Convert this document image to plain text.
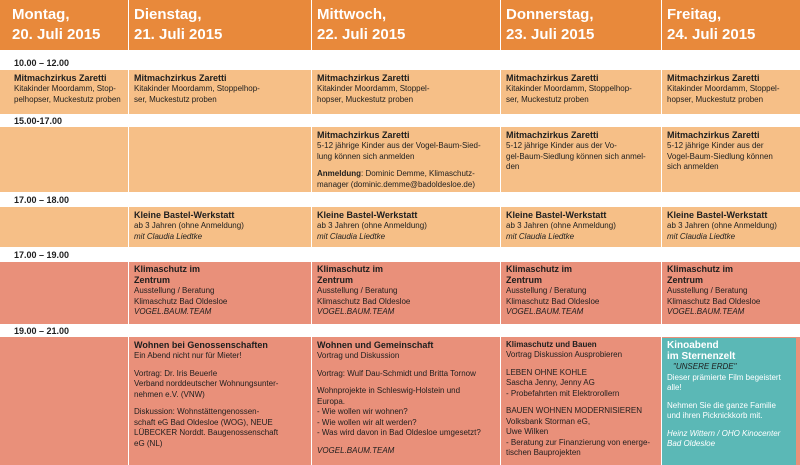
Montag,
20. Juli 2015
Dienstag,
21. Juli 2015
Mittwoch,
22. Juli 2015
Donnerstag,
23. Juli 2015
Freitag,
24. Juli 2015
10.00 – 12.00
15.00-17.00
17.00 – 18.00
17.00 – 19.00
19.00 – 21.00
Mitmachzirkus Zaretti
Kitakinder Moordamm, Stop-
pelhopser, Muckestutz proben
Mitmachzirkus Zaretti
Kitakinder Moordamm, Stoppelhop-
ser, Muckestutz proben
Mitmachzirkus Zaretti
Kitakinder Moordamm, Stoppel-
hopser, Muckestutz proben
Mitmachzirkus Zaretti
Kitakinder Moordamm, Stoppelhop-
ser, Muckestutz proben
Mitmachzirkus Zaretti
Kitakinder Moordamm, Stoppel-
hopser, Muckestutz proben
Mitmachzirkus Zaretti
5-12 jährige Kinder aus der Vogel-Baum-Sied-
lung können sich anmelden
Anmeldung: Dominic Demme, Klimaschutz-
manager (dominic.demme@badoldesloe.de)
Mitmachzirkus Zaretti
5-12 jährige Kinder aus der Vo-
gel-Baum-Siedlung können sich anmel-
den
Mitmachzirkus Zaretti
5-12 jährige Kinder aus der
Vogel-Baum-Siedlung können
sich anmelden
Kleine Bastel-Werkstatt
ab 3 Jahren (ohne Anmeldung)
mit Claudia Liedtke
Kleine Bastel-Werkstatt
ab 3 Jahren (ohne Anmeldung)
mit Claudia Liedtke
Kleine Bastel-Werkstatt
ab 3 Jahren (ohne Anmeldung)
mit Claudia Liedtke
Kleine Bastel-Werkstatt
ab 3 Jahren (ohne Anmeldung)
mit Claudia Liedtke
Klimaschutz im
Zentrum
Ausstellung / Beratung
Klimaschutz Bad Oldesloe
VOGEL.BAUM.TEAM
Klimaschutz im
Zentrum
Ausstellung / Beratung
Klimaschutz Bad Oldesloe
VOGEL.BAUM.TEAM
Klimaschutz im
Zentrum
Ausstellung / Beratung
Klimaschutz Bad Oldesloe
VOGEL.BAUM.TEAM
Klimaschutz im
Zentrum
Ausstellung / Beratung
Klimaschutz Bad Oldesloe
VOGEL.BAUM.TEAM
Wohnen bei Genossenschaften
Ein Abend nicht nur für Mieter!
Vortrag: Dr. Iris Beuerle
Verband norddeutscher Wohnungsunter-
nehmen e.V. (VNW)
Diskussion: Wohnstättengenossen-
schaft eG Bad Oldesloe (WOG), NEUE
LÜBECKER Norddt. Baugenossenschaft
eG (NL)
Wohnen und Gemeinschaft
Vortrag und Diskussion
Vortrag: Wulf Dau-Schmidt und Britta Tornow
Wohnprojekte in Schleswig-Holstein und
Europa.
- Wie wollen wir wohnen?
- Wie wollen wir alt werden?
- Was wird davon in Bad Oldesloe umgesetzt?
VOGEL.BAUM.TEAM
Klimaschutz und Bauen
Vortrag Diskussion Ausprobieren
LEBEN OHNE KOHLE
Sascha Jenny, Jenny AG
- Probefahrten mit Elektrorollern
BAUEN WOHNEN MODERNISIEREN
Volksbank Storman eG,
Uwe Wilken
- Beratung zur Finanzierung von energe-
tischen Bauprojekten
Kinoabend
im Sternenzelt
"UNSERE ERDE"
Dieser prämierte Film begeistert
alle!
Nehmen Sie die ganze Familie
und ihren Picknickkorb mit.
Heinz Wittern / OHO Kinocenter
Bad Oldesloe
